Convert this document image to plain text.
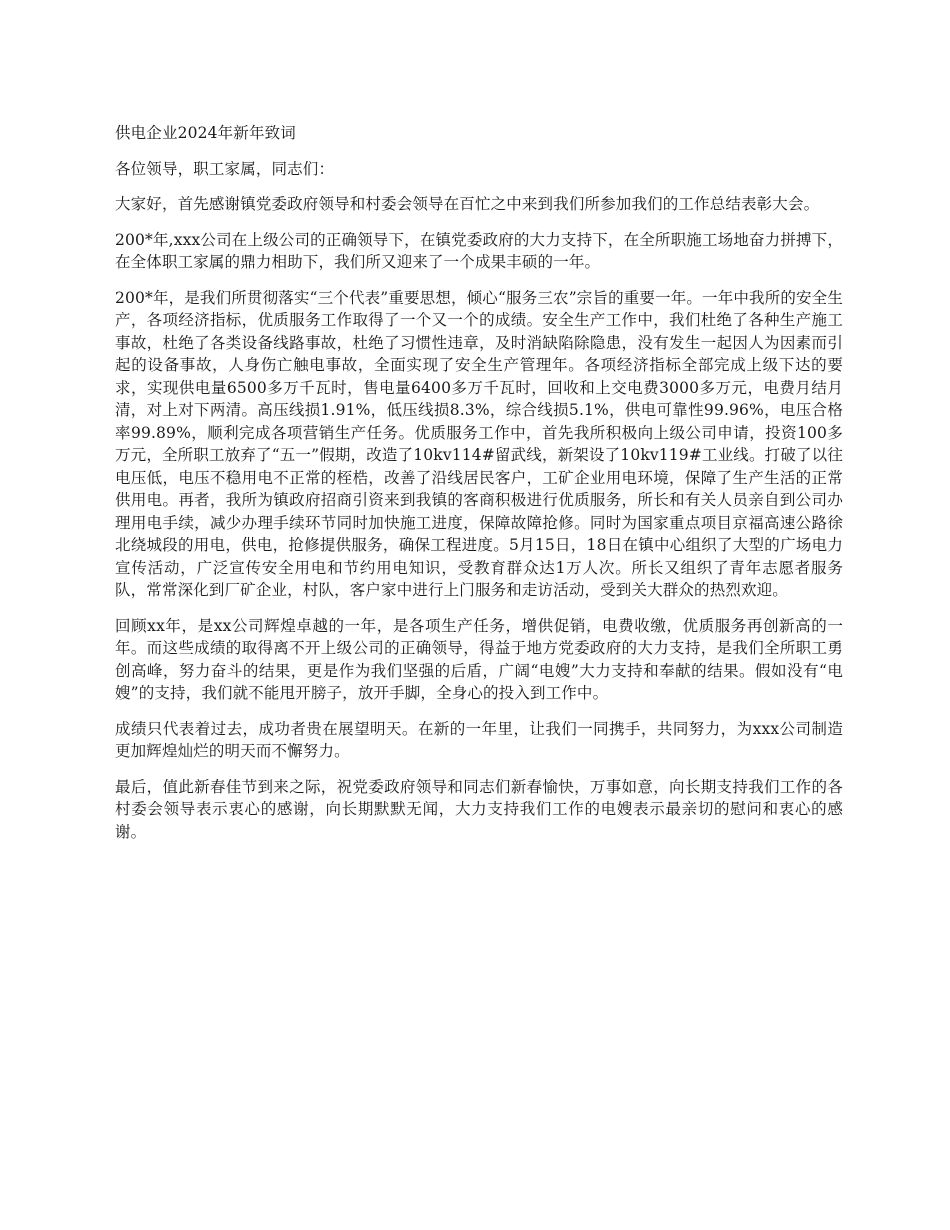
供电企业2024年新年致词

各位领导，职工家属，同志们：

大家好，首先感谢镇党委政府领导和村委会领导在百忙之中来到我们所参加我们的工作总结表彰大会。

200*年,xxx公司在上级公司的正确领导下，在镇党委政府的大力支持下，在全所职施工场地奋力拼搏下，在全体职工家属的鼎力相助下，我们所又迎来了一个成果丰硕的一年。

200*年，是我们所贯彻落实“三个代表”重要思想，倾心“服务三农”宗旨的重要一年。一年中我所的安全生产，各项经济指标，优质服务工作取得了一个又一个的成绩。安全生产工作中，我们杜绝了各种生产施工事故，杜绝了各类设备线路事故，杜绝了习惯性违章，及时消缺陷除隐患，没有发生一起因人为因素而引起的设备事故，人身伤亡触电事故，全面实现了安全生产管理年。各项经济指标全部完成上级下达的要求，实现供电量6500多万千瓦时，售电量6400多万千瓦时，回收和上交电费3000多万元，电费月结月清，对上对下两清。高压线损1.91%，低压线损8.3%，综合线损5.1%，供电可靠性99.96%，电压合格率99.89%，顺利完成各项营销生产任务。优质服务工作中，首先我所积极向上级公司申请，投资100多万元，全所职工放弃了“五一”假期，改造了10kv114#留武线，新架设了10kv119#工业线。打破了以往电压低，电压不稳用电不正常的桎梏，改善了沿线居民客户，工矿企业用电环境，保障了生产生活的正常供用电。再者，我所为镇政府招商引资来到我镇的客商积极进行优质服务，所长和有关人员亲自到公司办理用电手续，减少办理手续环节同时加快施工进度，保障故障抢修。同时为国家重点项目京福高速公路徐北绕城段的用电，供电，抢修提供服务，确保工程进度。5月15日，18日在镇中心组织了大型的广场电力宣传活动，广泛宣传安全用电和节约用电知识，受教育群众达1万人次。所长又组织了青年志愿者服务队，常常深化到厂矿企业，村队，客户家中进行上门服务和走访活动，受到关大群众的热烈欢迎。

回顾xx年，是xx公司辉煌卓越的一年，是各项生产任务，增供促销，电费收缴，优质服务再创新高的一年。而这些成绩的取得离不开上级公司的正确领导，得益于地方党委政府的大力支持，是我们全所职工勇创高峰，努力奋斗的结果，更是作为我们坚强的后盾，广阔“电嫂”大力支持和奉献的结果。假如没有“电嫂”的支持，我们就不能甩开膀子，放开手脚，全身心的投入到工作中。

成绩只代表着过去，成功者贵在展望明天。在新的一年里，让我们一同携手，共同努力，为xxx公司制造更加辉煌灿烂的明天而不懈努力。

最后，值此新春佳节到来之际，祝党委政府领导和同志们新春愉快，万事如意，向长期支持我们工作的各村委会领导表示衷心的感谢，向长期默默无闻，大力支持我们工作的电嫂表示最亲切的慰问和衷心的感谢。
